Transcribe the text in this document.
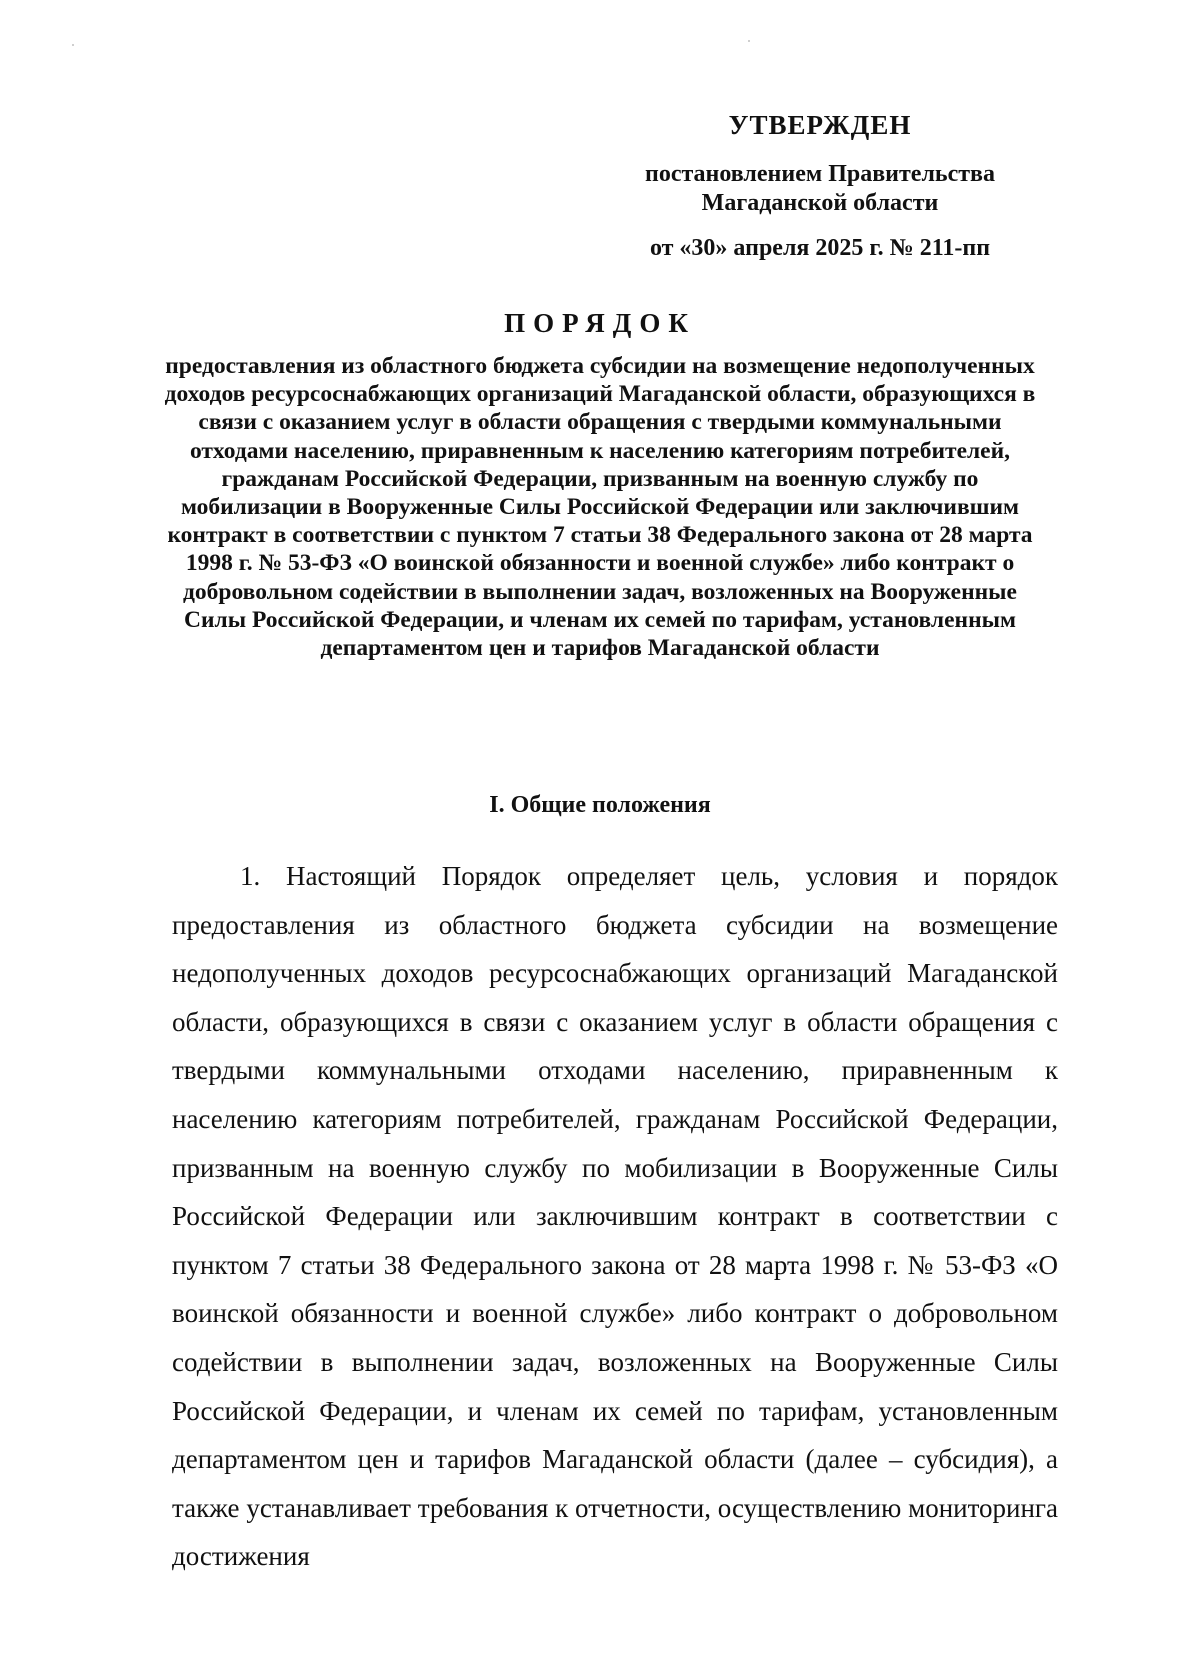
УТВЕРЖДЕН
постановлением Правительства
Магаданской области
от «30» апреля 2025 г. № 211-пп
ПОРЯДОК
предоставления из областного бюджета субсидии на возмещение недополученных доходов ресурсоснабжающих организаций Магаданской области, образующихся в связи с оказанием услуг в области обращения с твердыми коммунальными отходами населению, приравненным к населению категориям потребителей, гражданам Российской Федерации, призванным на военную службу по мобилизации в Вооруженные Силы Российской Федерации или заключившим контракт в соответствии с пунктом 7 статьи 38 Федерального закона от 28 марта 1998 г. № 53-ФЗ «О воинской обязанности и военной службе» либо контракт о добровольном содействии в выполнении задач, возложенных на Вооруженные Силы Российской Федерации, и членам их семей по тарифам, установленным департаментом цен и тарифов Магаданской области
I. Общие положения

1. Настоящий Порядок определяет цель, условия и порядок предоставления из областного бюджета субсидии на возмещение недополученных доходов ресурсоснабжающих организаций Магаданской области, образующихся в связи с оказанием услуг в области обращения с твердыми коммунальными отходами населению, приравненным к населению категориям потребителей, гражданам Российской Федерации, призванным на военную службу по мобилизации в Вооруженные Силы Российской Федерации или заключившим контракт в соответствии с пунктом 7 статьи 38 Федерального закона от 28 марта 1998 г. № 53-ФЗ «О воинской обязанности и военной службе» либо контракт о добровольном содействии в выполнении задач, возложенных на Вооруженные Силы Российской Федерации, и членам их семей по тарифам, установленным департаментом цен и тарифов Магаданской области (далее – субсидия), а также устанавливает требования к отчетности, осуществлению мониторинга достижения
